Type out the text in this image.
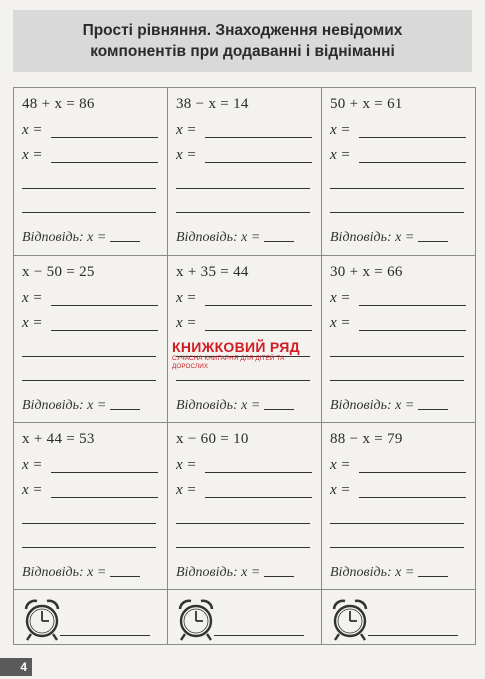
Прості рівняння. Знаходження невідомих
компонентів при додаванні і відніманні
48 + x = 86
x =
x =
Відповідь: x =
38 − x = 14
x =
x =
Відповідь: x =
50 + x = 61
x =
x =
Відповідь: x =
x − 50 = 25
x =
x =
Відповідь: x =
x + 35 = 44
x =
x =
Відповідь: x =
30 + x = 66
x =
x =
Відповідь: x =
x + 44 = 53
x =
x =
Відповідь: x =
x − 60 = 10
x =
x =
Відповідь: x =
88 − x = 79
x =
x =
Відповідь: x =
КНИЖКОВИЙ РЯД
СУЧАСНА КНИГАРНЯ ДЛЯ ДІТЕЙ ТА ДОРОСЛИХ
4
